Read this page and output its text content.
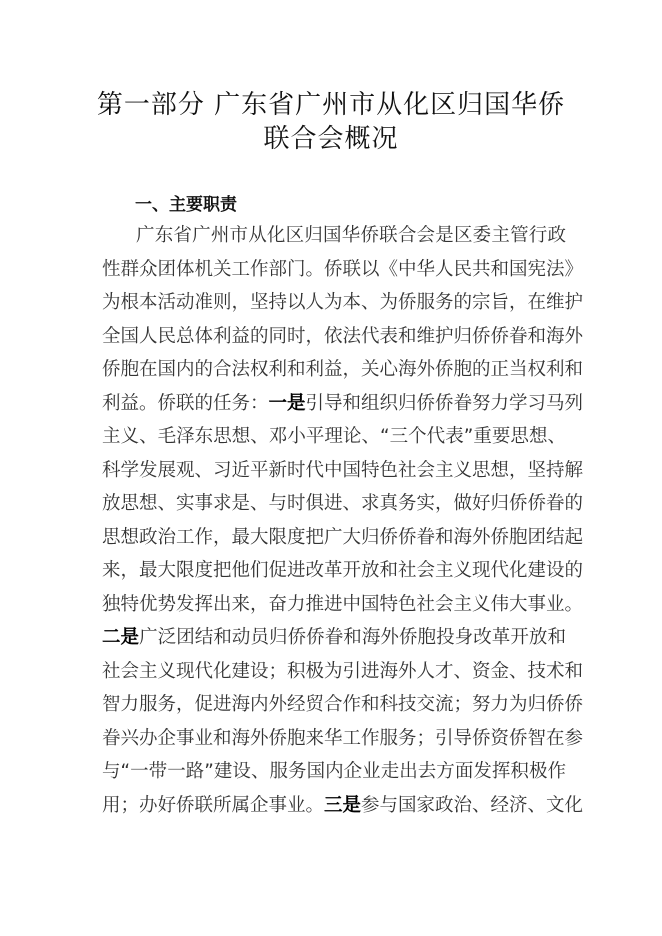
第一部分 广东省广州市从化区归国华侨
联合会概况
一、主要职责
广东省广州市从化区归国华侨联合会是区委主管行政
性群众团体机关工作部门。侨联以《中华人民共和国宪法》
为根本活动准则，坚持以人为本、为侨服务的宗旨，在维护
全国人民总体利益的同时，依法代表和维护归侨侨眷和海外
侨胞在国内的合法权利和利益，关心海外侨胞的正当权利和
利益。侨联的任务：一是引导和组织归侨侨眷努力学习马列
主义、毛泽东思想、邓小平理论、“三个代表”重要思想、
科学发展观、习近平新时代中国特色社会主义思想，坚持解
放思想、实事求是、与时俱进、求真务实，做好归侨侨眷的
思想政治工作，最大限度把广大归侨侨眷和海外侨胞团结起
来，最大限度把他们促进改革开放和社会主义现代化建设的
独特优势发挥出来，奋力推进中国特色社会主义伟大事业。
二是广泛团结和动员归侨侨眷和海外侨胞投身改革开放和
社会主义现代化建设；积极为引进海外人才、资金、技术和
智力服务，促进海内外经贸合作和科技交流；努力为归侨侨
眷兴办企事业和海外侨胞来华工作服务；引导侨资侨智在参
与“一带一路”建设、服务国内企业走出去方面发挥积极作
用；办好侨联所属企事业。三是参与国家政治、经济、文化
